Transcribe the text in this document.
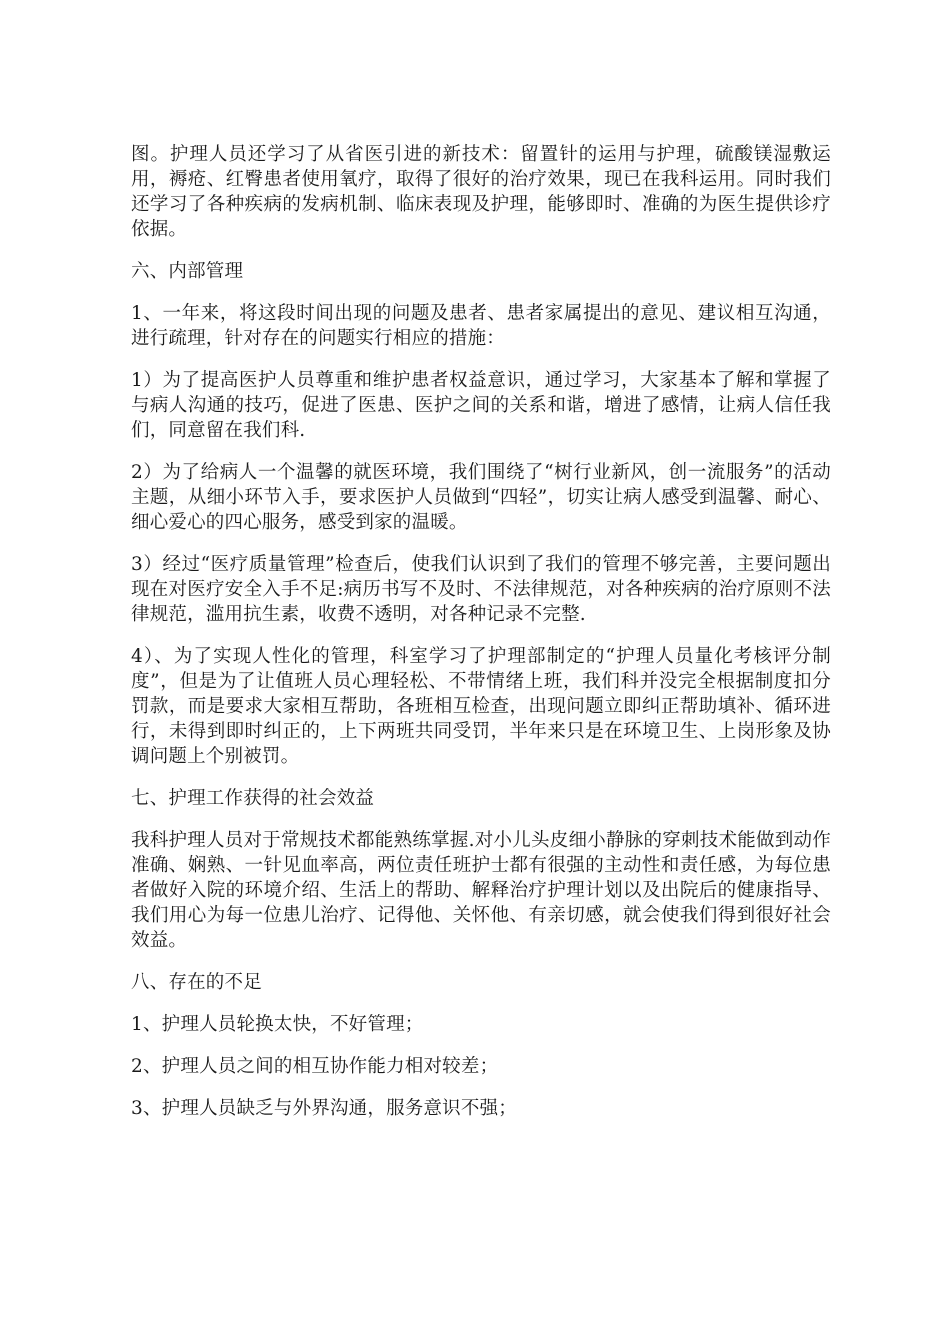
图。护理人员还学习了从省医引进的新技术：留置针的运用与护理，硫酸镁湿敷运用，褥疮、红臀患者使用氧疗，取得了很好的治疗效果，现已在我科运用。同时我们还学习了各种疾病的发病机制、临床表现及护理，能够即时、准确的为医生提供诊疗依据。

六、内部管理

1、一年来，将这段时间出现的问题及患者、患者家属提出的意见、建议相互沟通，进行疏理，针对存在的问题实行相应的措施：

1）为了提高医护人员尊重和维护患者权益意识，通过学习，大家基本了解和掌握了与病人沟通的技巧，促进了医患、医护之间的关系和谐，增进了感情，让病人信任我们，同意留在我们科.

2）为了给病人一个温馨的就医环境，我们围绕了“树行业新风，创一流服务”的活动主题，从细小环节入手，要求医护人员做到“四轻”，切实让病人感受到温馨、耐心、细心爱心的四心服务，感受到家的温暖。

3）经过“医疗质量管理”检查后，使我们认识到了我们的管理不够完善，主要问题出现在对医疗安全入手不足:病历书写不及时、不法律规范，对各种疾病的治疗原则不法律规范，滥用抗生素，收费不透明，对各种记录不完整.

4）、为了实现人性化的管理，科室学习了护理部制定的“护理人员量化考核评分制度”，但是为了让值班人员心理轻松、不带情绪上班，我们科并没完全根据制度扣分罚款，而是要求大家相互帮助，各班相互检查，出现问题立即纠正帮助填补、循环进行，未得到即时纠正的，上下两班共同受罚，半年来只是在环境卫生、上岗形象及协调问题上个别被罚。

七、护理工作获得的社会效益

我科护理人员对于常规技术都能熟练掌握.对小儿头皮细小静脉的穿刺技术能做到动作准确、娴熟、一针见血率高，两位责任班护士都有很强的主动性和责任感，为每位患者做好入院的环境介绍、生活上的帮助、解释治疗护理计划以及出院后的健康指导、我们用心为每一位患儿治疗、记得他、关怀他、有亲切感，就会使我们得到很好社会效益。

八、存在的不足

1、护理人员轮换太快，不好管理；

2、护理人员之间的相互协作能力相对较差；

3、护理人员缺乏与外界沟通，服务意识不强；
